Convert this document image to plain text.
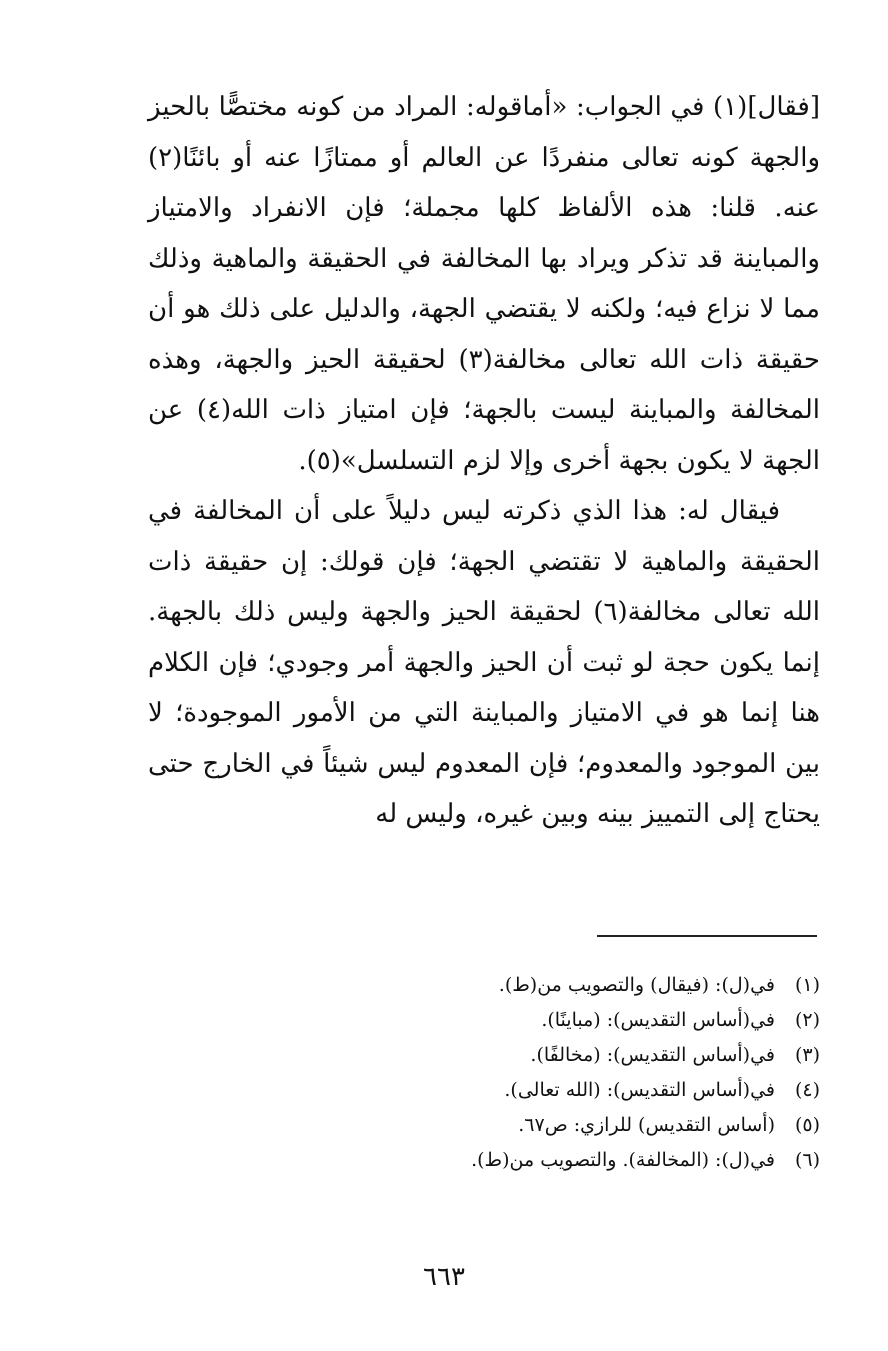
[فقال](١) في الجواب: «أماقوله: المراد من كونه مختصًّا بالحيز والجهة كونه تعالى منفردًا عن العالم أو ممتازًا عنه أو بائنًا(٢) عنه. قلنا: هذه الألفاظ كلها مجملة؛ فإن الانفراد والامتياز والمباينة قد تذكر ويراد بها المخالفة في الحقيقة والماهية وذلك مما لا نزاع فيه؛ ولكنه لا يقتضي الجهة، والدليل على ذلك هو أن حقيقة ذات الله تعالى مخالفة(٣) لحقيقة الحيز والجهة، وهذه المخالفة والمباينة ليست بالجهة؛ فإن امتياز ذات الله(٤) عن الجهة لا يكون بجهة أخرى وإلا لزم التسلسل»(٥).

فيقال له: هذا الذي ذكرته ليس دليلاً على أن المخالفة في الحقيقة والماهية لا تقتضي الجهة؛ فإن قولك: إن حقيقة ذات الله تعالى مخالفة(٦) لحقيقة الحيز والجهة وليس ذلك بالجهة. إنما يكون حجة لو ثبت أن الحيز والجهة أمر وجودي؛ فإن الكلام هنا إنما هو في الامتياز والمباينة التي من الأمور الموجودة؛ لا بين الموجود والمعدوم؛ فإن المعدوم ليس شيئاً في الخارج حتى يحتاج إلى التمييز بينه وبين غيره، وليس له

(١)
في(ل): (فيقال) والتصويب من(ط).
(٢)
في(أساس التقديس): (مباينًا).
(٣)
في(أساس التقديس): (مخالفًا).
(٤)
في(أساس التقديس): (الله تعالى).
(٥)
(أساس التقديس) للرازي: ص٦٧.
(٦)
في(ل): (المخالفة). والتصويب من(ط).
٦٦٣
